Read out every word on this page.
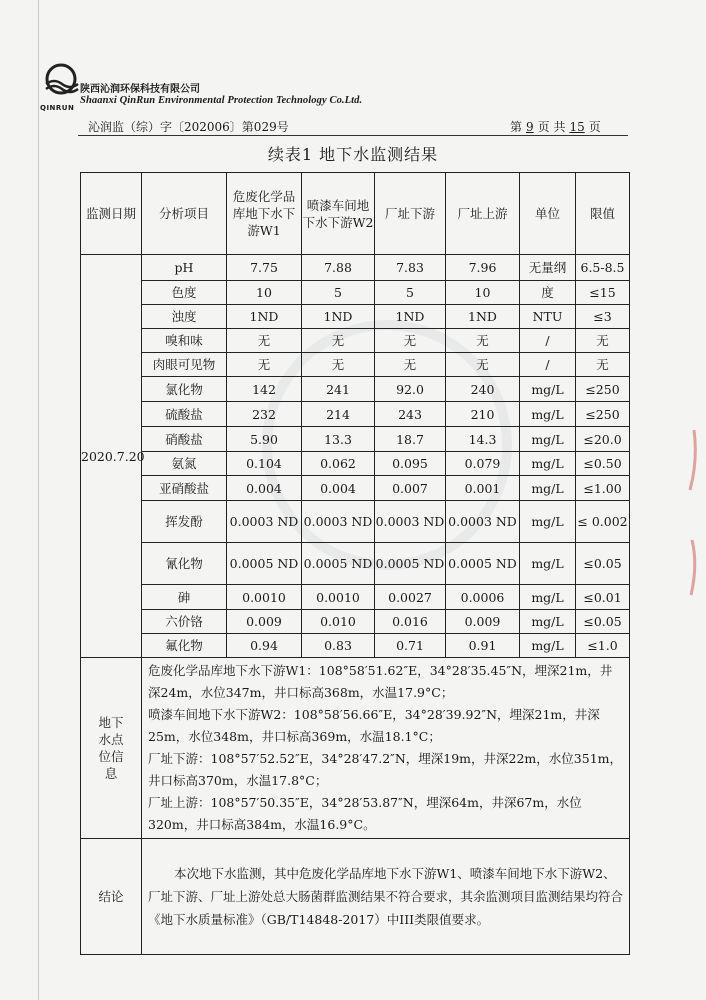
QINRUN
陕西沁润环保科技有限公司
Shaanxi QinRun Environmental Protection Technology Co.Ltd.
沁润监（综）字〔202006〕第029号	第 9 页 共 15 页
续表1 地下水监测结果
监测日期	分析项目	危废化学品库地下水下游W1	喷漆车间地下水下游W2	厂址下游	厂址上游	单位	限值
2020.7.20	pH	7.75	7.88	7.83	7.96	无量纲	6.5-8.5
	色度	10	5	5	10	度	≤15
	浊度	1ND	1ND	1ND	1ND	NTU	≤3
	嗅和味	无	无	无	无	/	无
	肉眼可见物	无	无	无	无	/	无
	氯化物	142	241	92.0	240	mg/L	≤250
	硫酸盐	232	214	243	210	mg/L	≤250
	硝酸盐	5.90	13.3	18.7	14.3	mg/L	≤20.0
	氨氮	0.104	0.062	0.095	0.079	mg/L	≤0.50
	亚硝酸盐	0.004	0.004	0.007	0.001	mg/L	≤1.00
	挥发酚	0.0003 ND	0.0003 ND	0.0003 ND	0.0003 ND	mg/L	≤ 0.002
	氰化物	0.0005 ND	0.0005 ND	0.0005 ND	0.0005 ND	mg/L	≤0.05
	砷	0.0010	0.0010	0.0027	0.0006	mg/L	≤0.01
	六价铬	0.009	0.010	0.016	0.009	mg/L	≤0.05
	氟化物	0.94	0.83	0.71	0.91	mg/L	≤1.0
地下水点位信息	危废化学品库地下水下游W1：108°58′51.62″E，34°28′35.45″N，埋深21m，井深24m，水位347m，井口标高368m，水温17.9°C；
喷漆车间地下水下游W2：108°58′56.66″E，34°28′39.92″N，埋深21m，井深25m，水位348m，井口标高369m，水温18.1°C；
厂址下游：108°57′52.52″E，34°28′47.2″N，埋深19m，井深22m，水位351m，井口标高370m，水温17.8°C；
厂址上游：108°57′50.35″E，34°28′53.87″N，埋深64m，井深67m，水位320m，井口标高384m，水温16.9°C。						

结论	本次地下水监测，其中危废化学品库地下水下游W1、喷漆车间地下水下游W2、厂址下游、厂址上游处总大肠菌群监测结果不符合要求，其余监测项目监测结果均符合《地下水质量标准》（GB/T14848-2017）中III类限值要求。						
